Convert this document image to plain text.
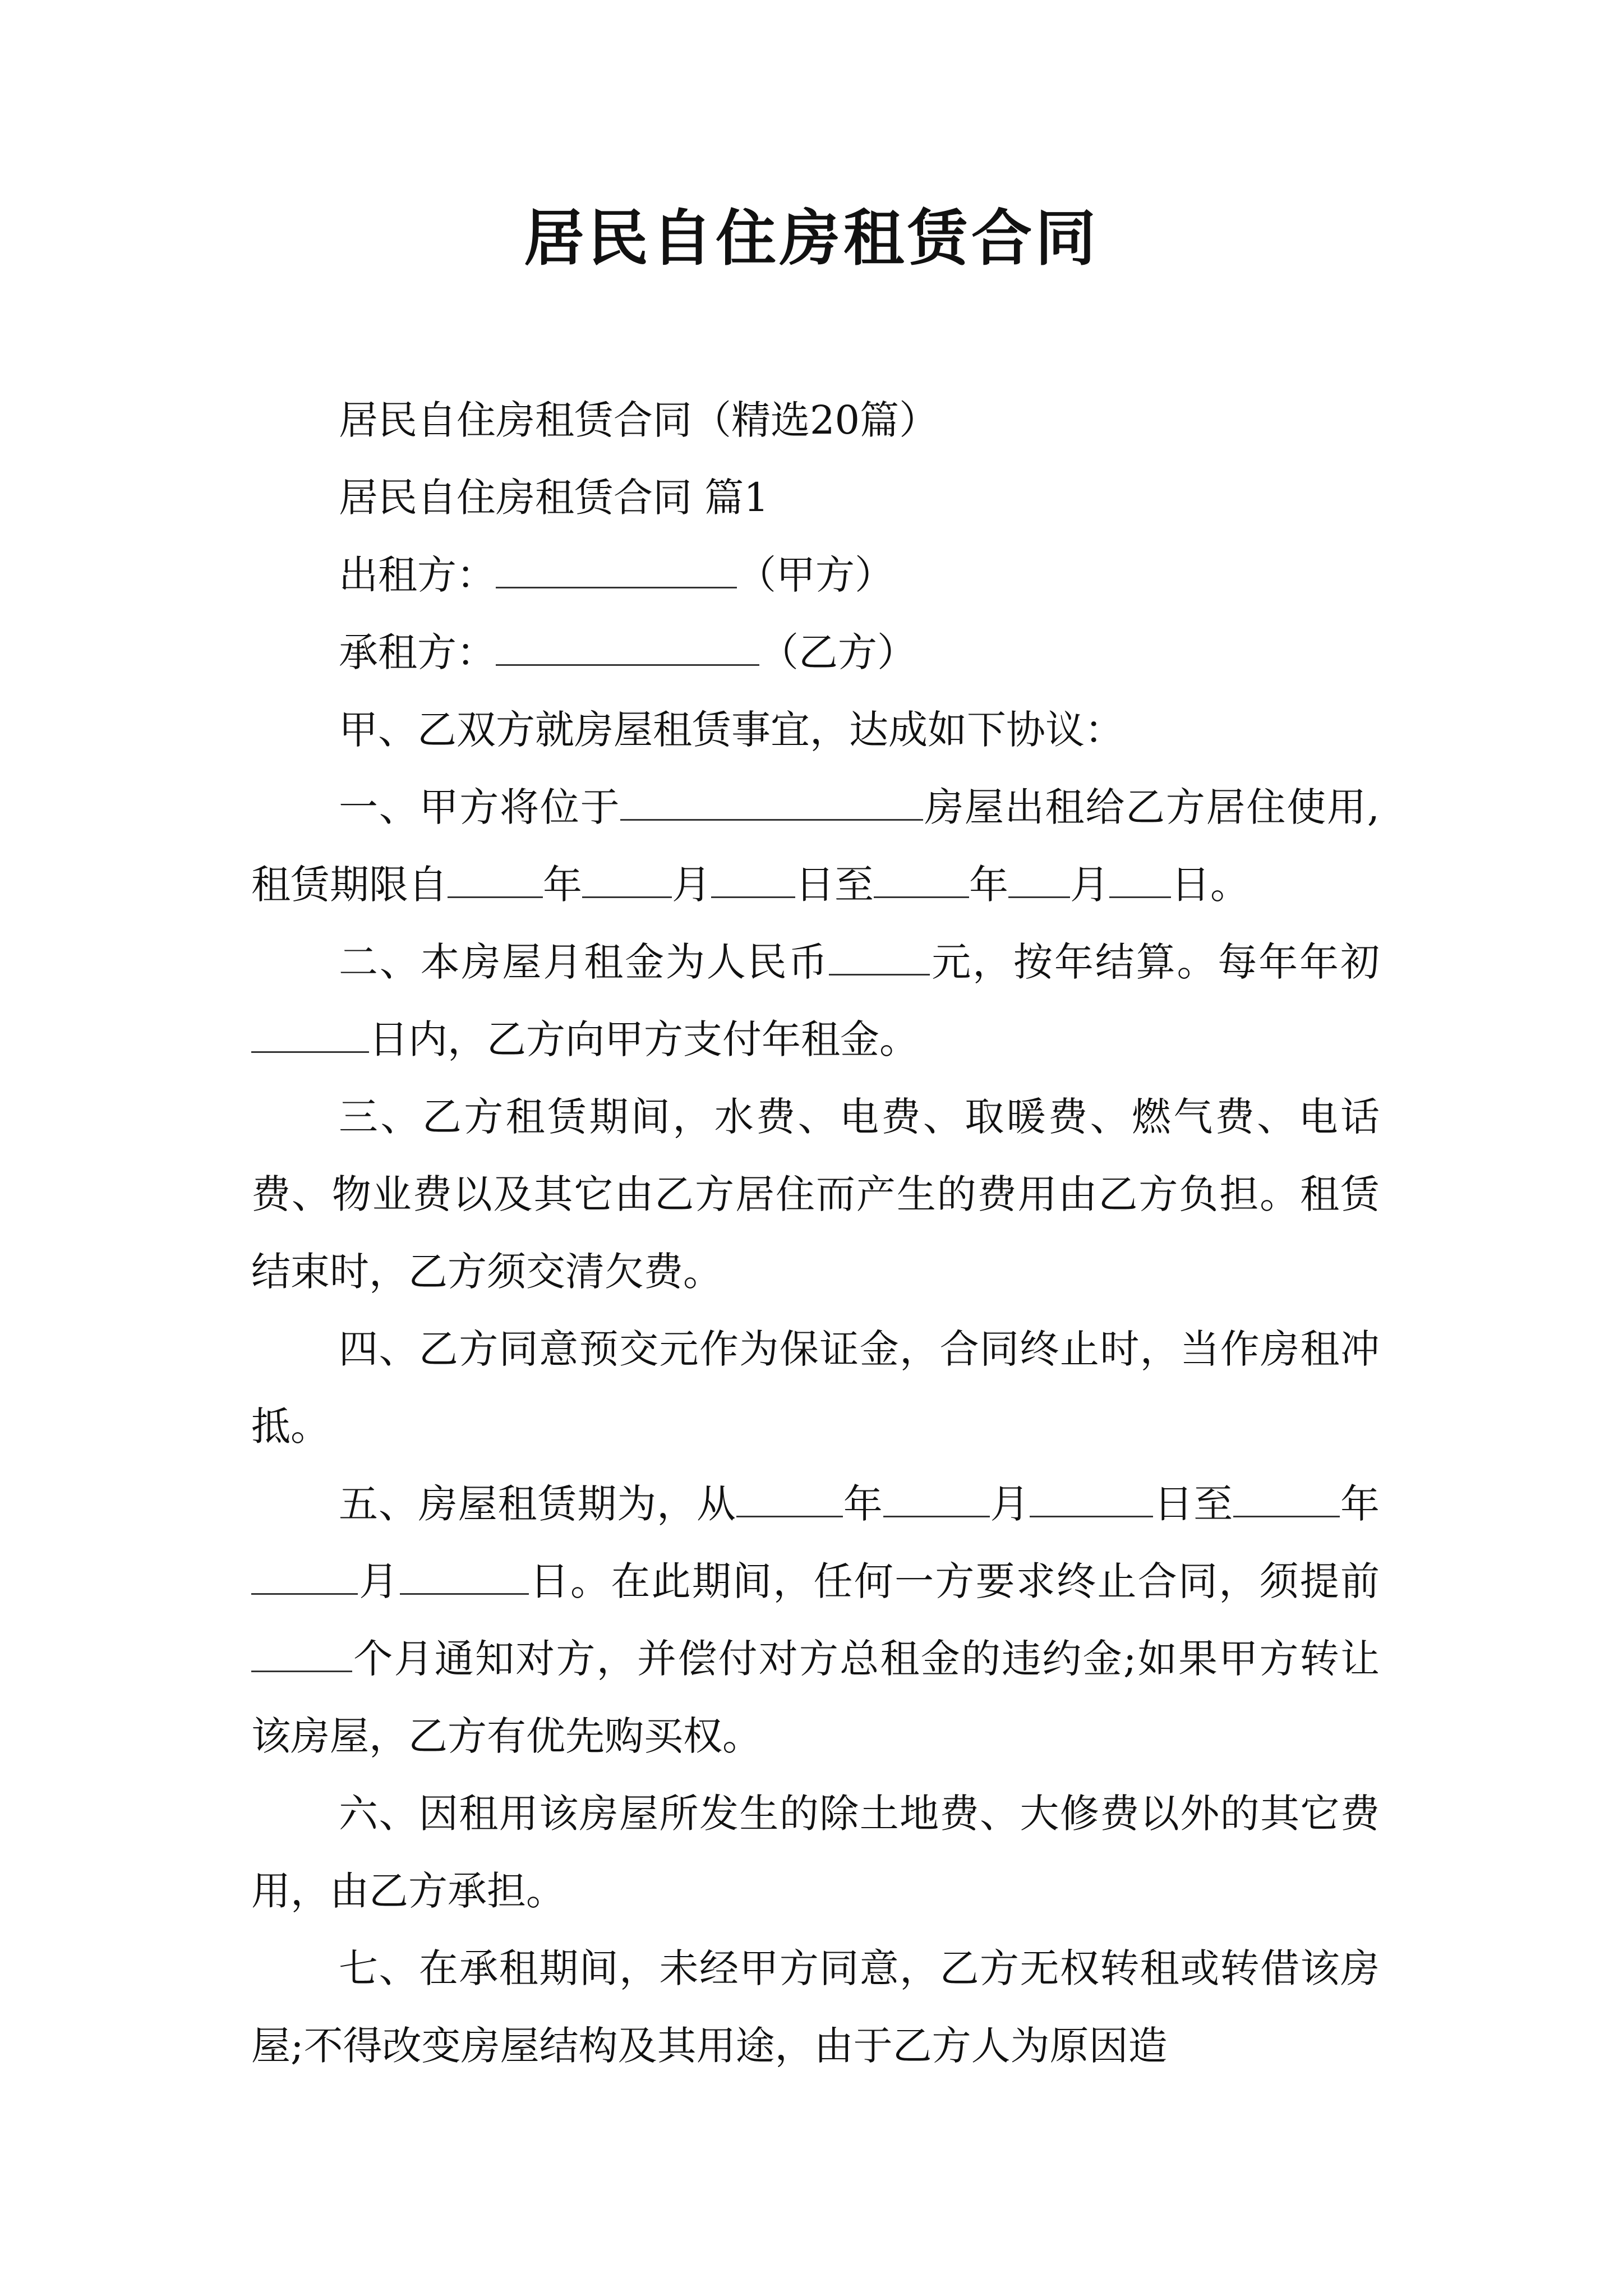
居民自住房租赁合同

居民自住房租赁合同（精选20篇）

居民自住房租赁合同 篇1

出租方：	（甲方）

承租方：	（乙方）

甲、乙双方就房屋租赁事宜，达成如下协议：

一、甲方将位于	房屋出租给乙方居住使用,租赁期限自 年 月 日至 年 月 日。

二、本房屋月租金为人民币	元，按年结算。每年年初日内，乙方向甲方支付年租金。

三、乙方租赁期间，水费、电费、取暖费、燃气费、电话费、物业费以及其它由乙方居住而产生的费用由乙方负担。租赁结束时，乙方须交清欠费。

四、乙方同意预交元作为保证金，合同终止时，当作房租冲抵。

五、房屋租赁期为，从	年	月	日至	年月	日。在此期间，任何一方要求终止合同，须提前个月通知对方，并偿付对方总租金的违约金;如果甲方转让该房屋，乙方有优先购买权。

六、因租用该房屋所发生的除土地费、大修费以外的其它费用，由乙方承担。

七、在承租期间，未经甲方同意，乙方无权转租或转借该房屋;不得改变房屋结构及其用途，由于乙方人为原因造
